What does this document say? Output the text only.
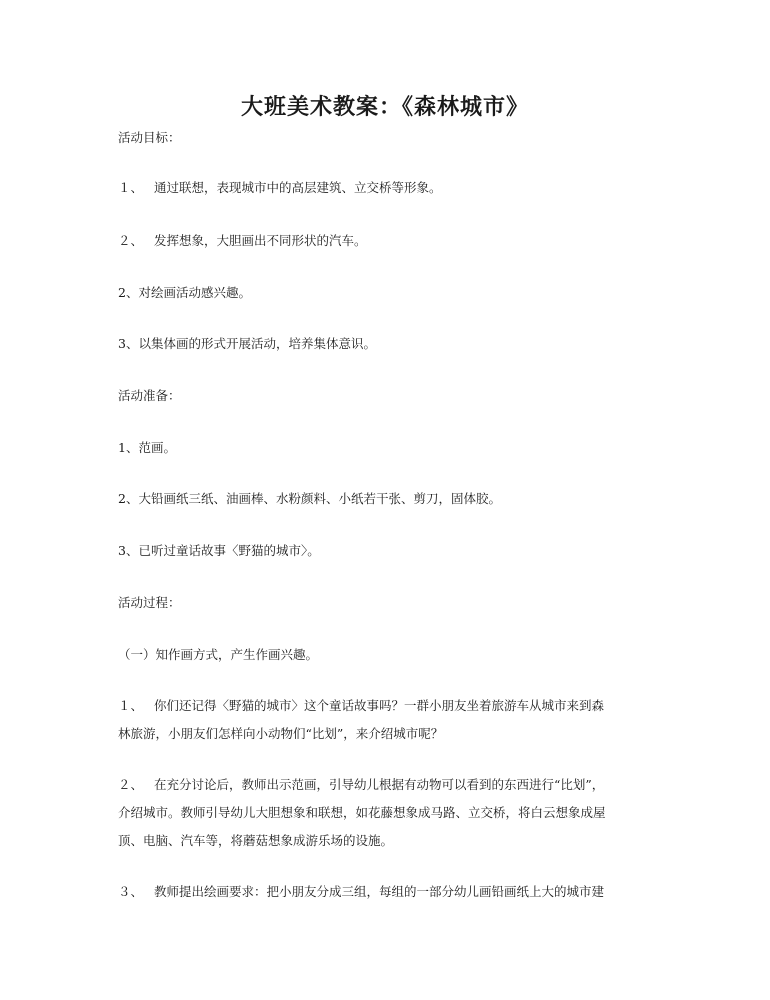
大班美术教案：《森林城市》
活动目标：
１、 通过联想，表现城市中的高层建筑、立交桥等形象。
２、 发挥想象，大胆画出不同形状的汽车。
2、对绘画活动感兴趣。
3、以集体画的形式开展活动，培养集体意识。
活动准备：
1、范画。
2、大铅画纸三纸、油画棒、水粉颜料、小纸若干张、剪刀，固体胶。
3、已听过童话故事〈野猫的城市〉。
活动过程：
（一）知作画方式，产生作画兴趣。
１、 你们还记得〈野猫的城市〉这个童话故事吗？一群小朋友坐着旅游车从城市来到森
林旅游，小朋友们怎样向小动物们“比划”，来介绍城市呢？
２、 在充分讨论后，教师出示范画，引导幼儿根据有动物可以看到的东西进行“比划”，
介绍城市。教师引导幼儿大胆想象和联想，如花藤想象成马路、立交桥，将白云想象成屋
顶、电脑、汽车等，将蘑菇想象成游乐场的设施。
３、 教师提出绘画要求：把小朋友分成三组，每组的一部分幼儿画铅画纸上大的城市建
